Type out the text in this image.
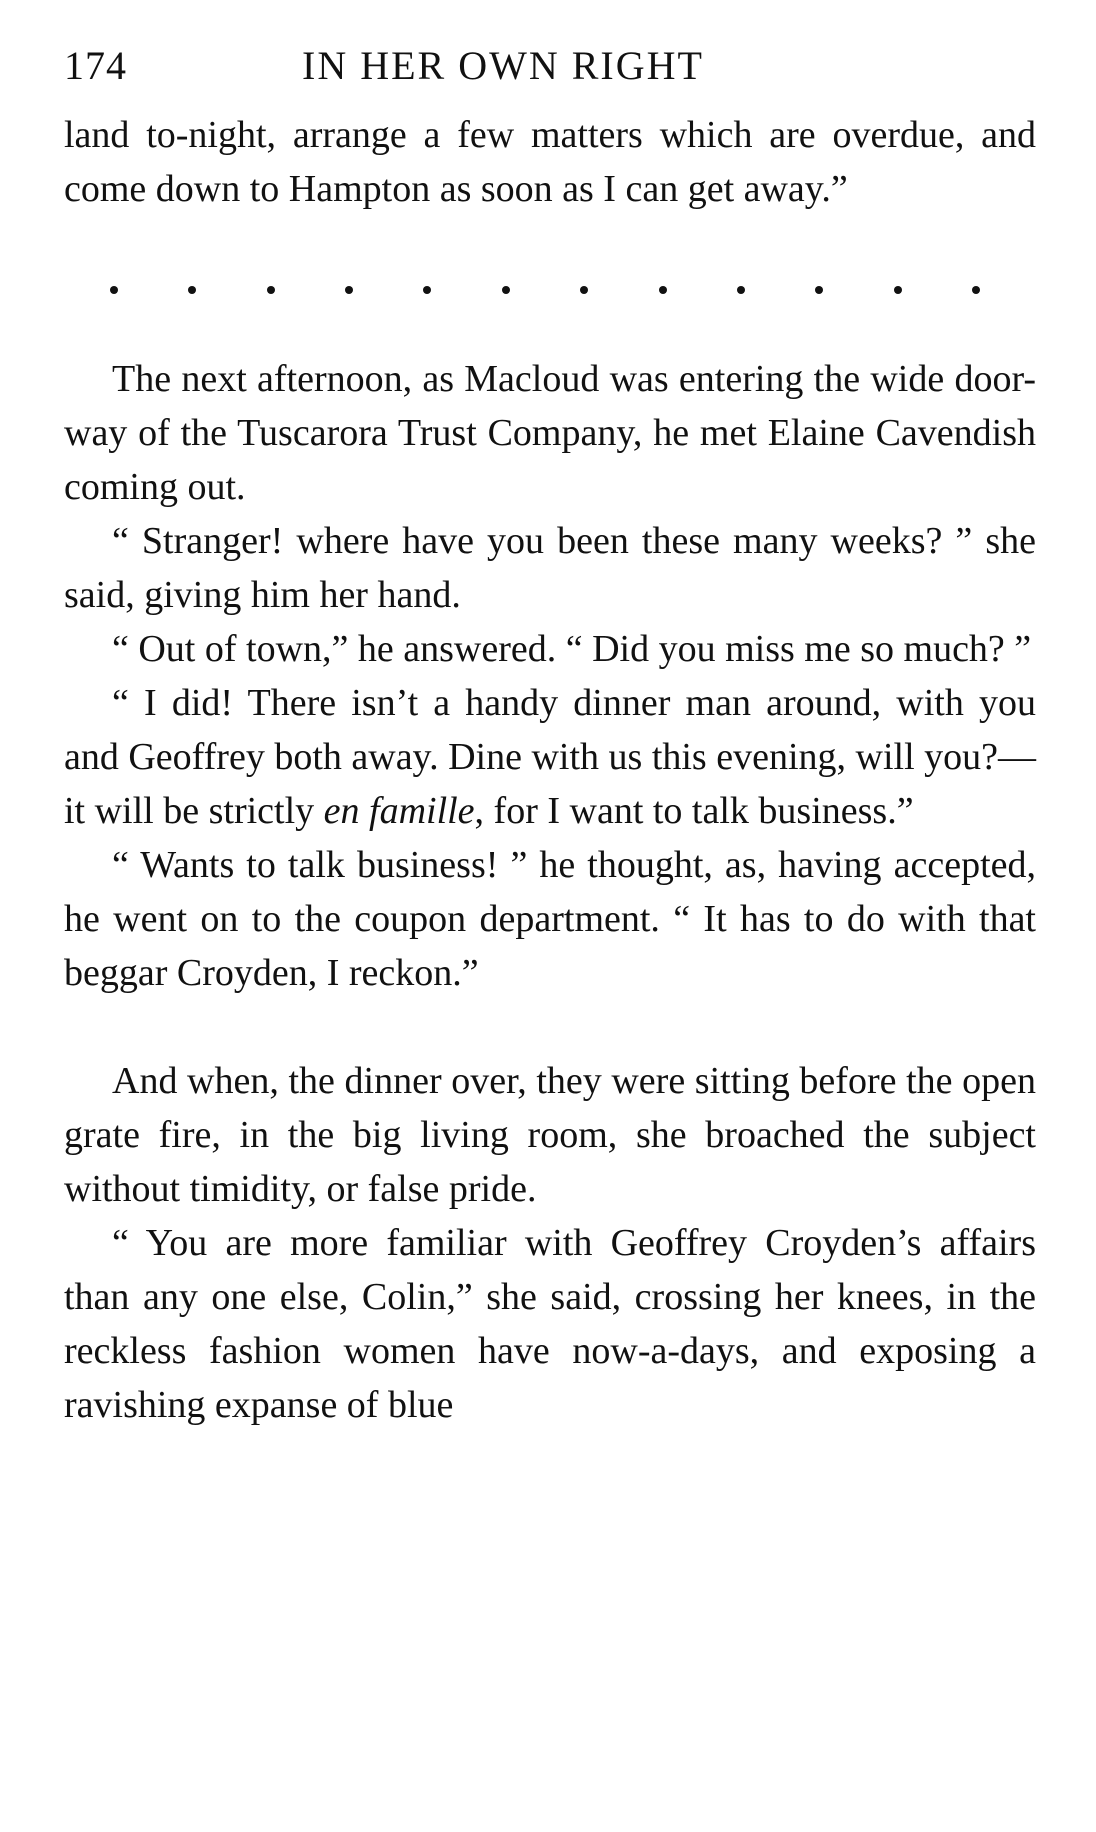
174	IN HER OWN RIGHT

land to-night, arrange a few matters which are overdue, and come down to Hampton as soon as I can get away.”

The next afternoon, as Macloud was entering the wide door-way of the Tuscarora Trust Company, he met Elaine Cavendish coming out.

“ Stranger! where have you been these many weeks? ” she said, giving him her hand.

“ Out of town,” he answered. “ Did you miss me so much? ”

“ I did! There isn’t a handy dinner man around, with you and Geoffrey both away. Dine with us this evening, will you?—it will be strictly en famille, for I want to talk business.”

“ Wants to talk business! ” he thought, as, having accepted, he went on to the coupon department. “ It has to do with that beggar Croyden, I reckon.”

And when, the dinner over, they were sitting before the open grate fire, in the big living room, she broached the subject without timidity, or false pride.

“ You are more familiar with Geoffrey Croyden’s affairs than any one else, Colin,” she said, crossing her knees, in the reckless fashion women have now-a-days, and exposing a ravishing expanse of blue
